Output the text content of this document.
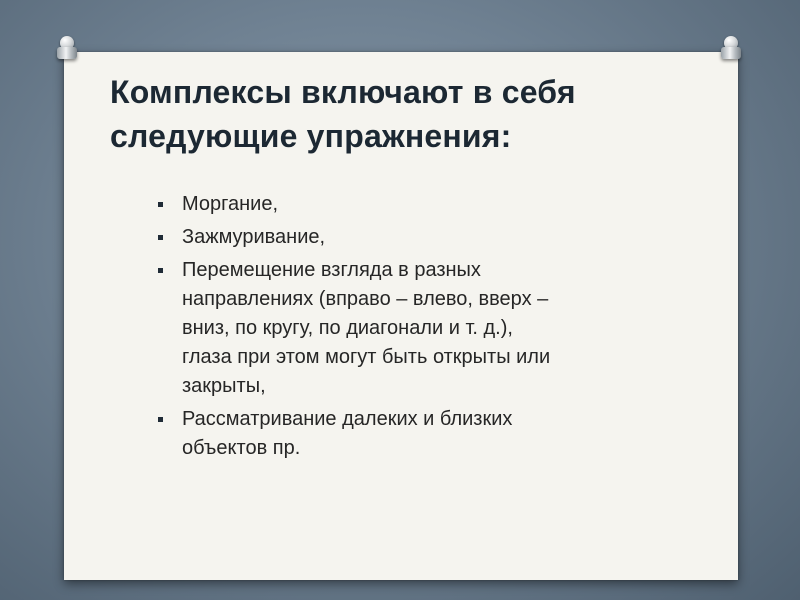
Комплексы включают в себя
следующие упражнения:
Моргание,
Зажмуривание,
Перемещение взгляда в разных
направлениях (вправо – влево, вверх –
вниз, по кругу, по диагонали и т. д.),
глаза при этом могут быть открыты или
закрыты,
Рассматривание далеких и близких
объектов пр.
